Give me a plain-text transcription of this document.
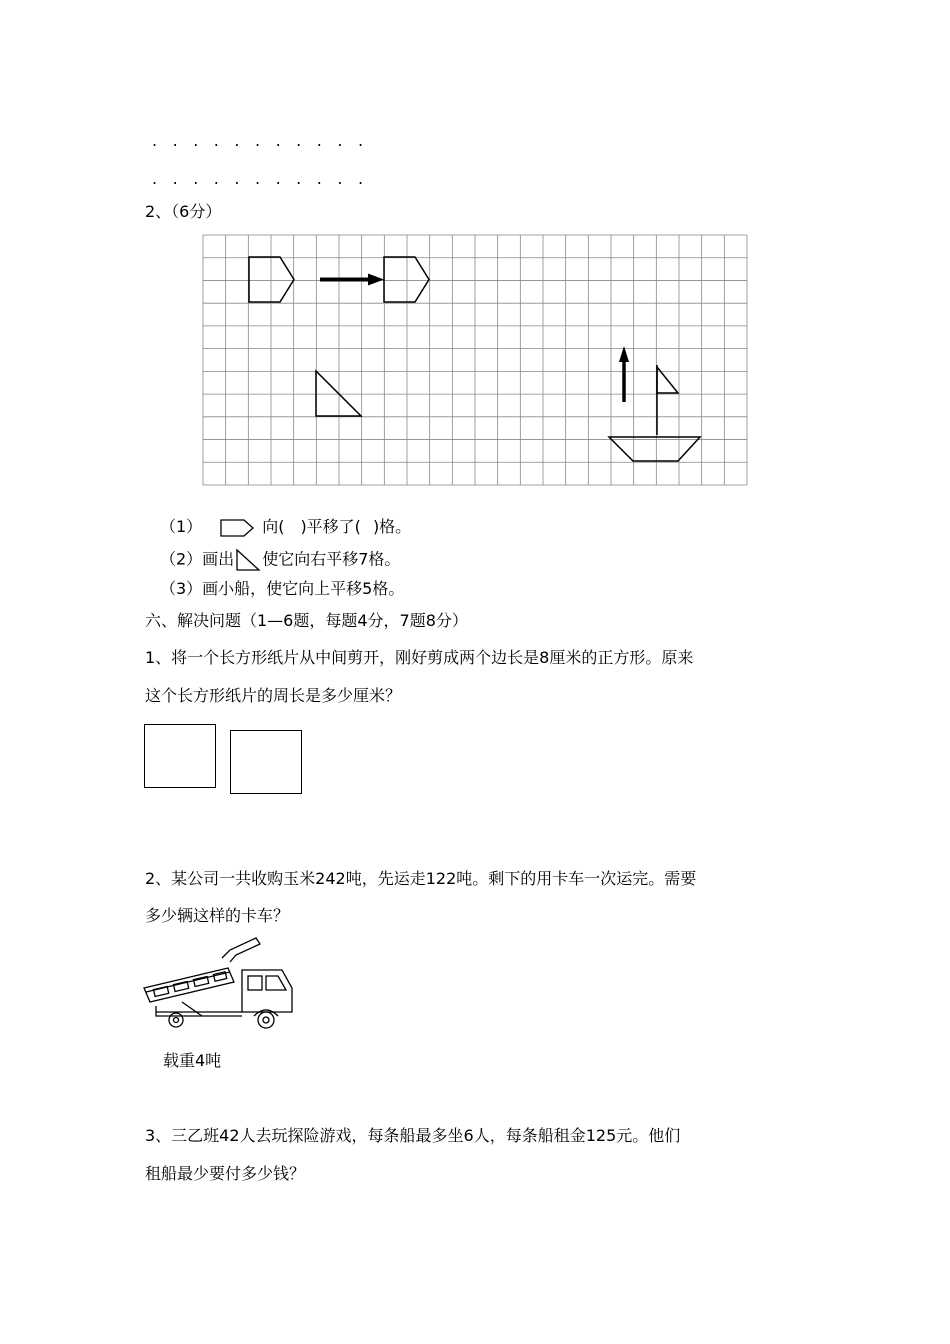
. . . . . . . . . . .
. . . . . . . . . . .
2、（6分）
（1）	向( )平移了( )格。
（2）画出 使它向右平移7格。
（3）画小船，使它向上平移5格。
六、解决问题（1—6题，每题4分，7题8分）
1、将一个长方形纸片从中间剪开，刚好剪成两个边长是8厘米的正方形。原来
这个长方形纸片的周长是多少厘米？
2、某公司一共收购玉米242吨，先运走122吨。剩下的用卡车一次运完。需要
多少辆这样的卡车？
载重4吨
3、三乙班42人去玩探险游戏，每条船最多坐6人，每条船租金125元。他们
租船最少要付多少钱？
